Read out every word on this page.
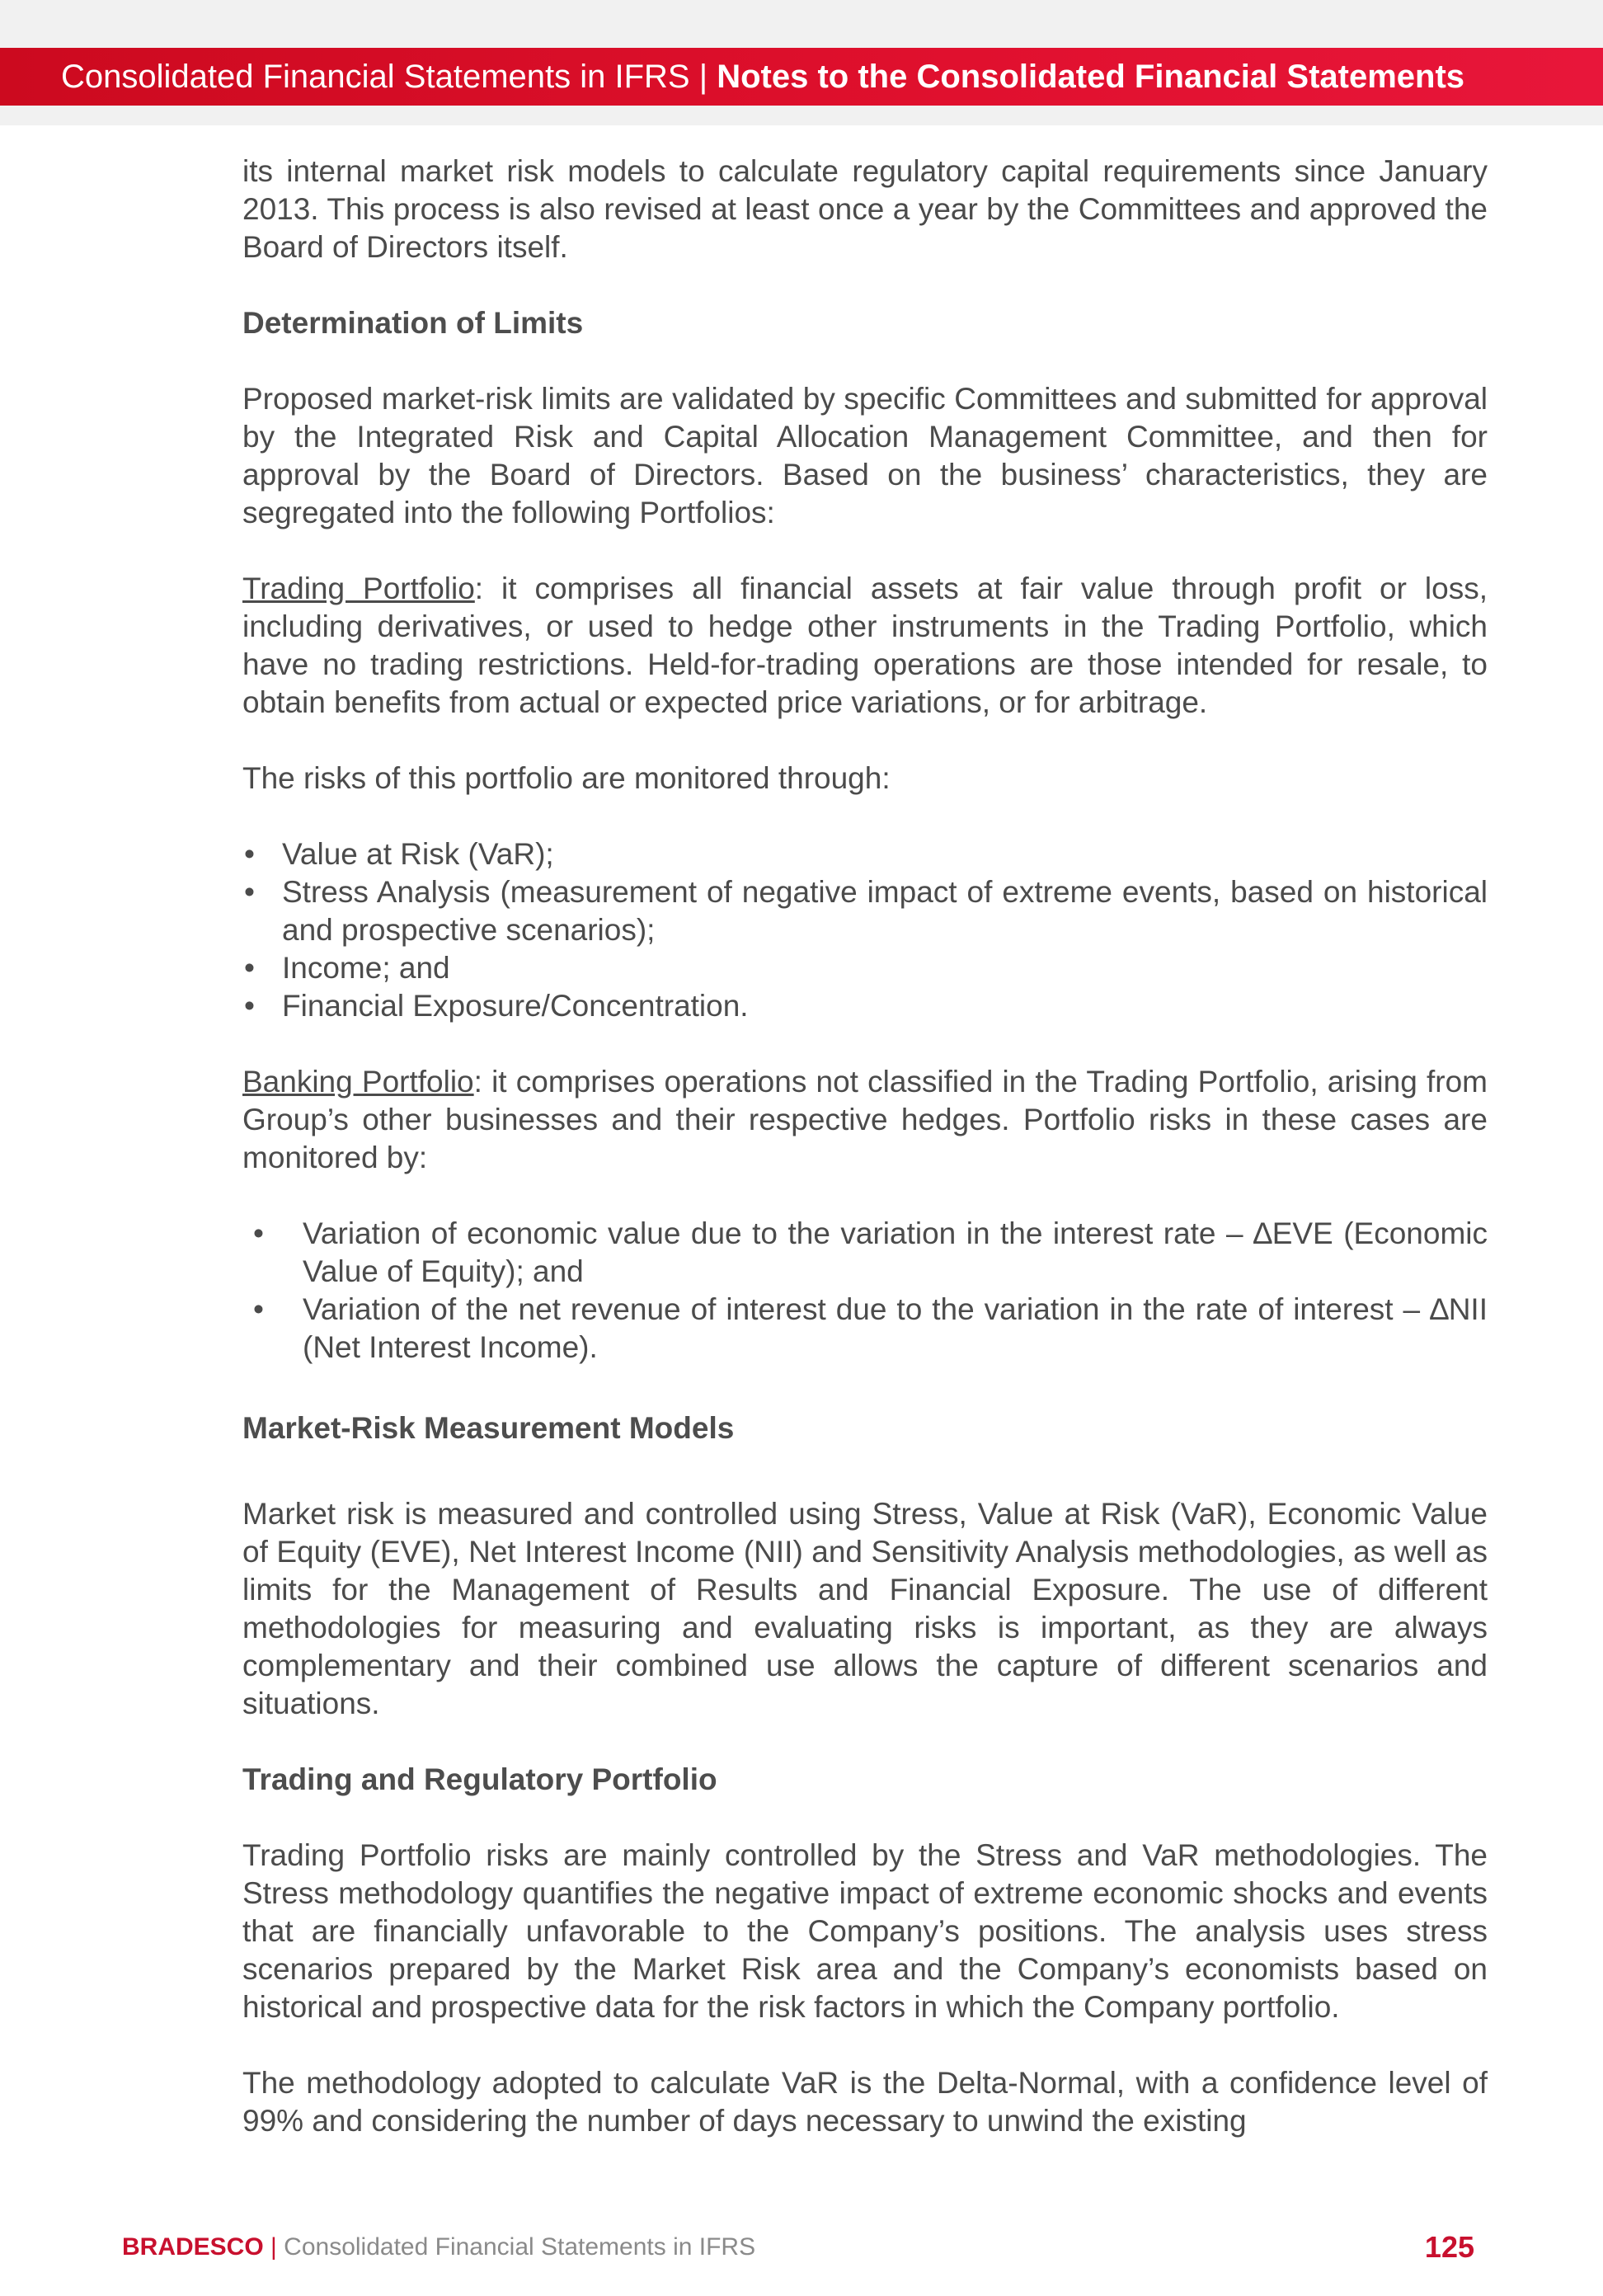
Consolidated Financial Statements in IFRS | Notes to the Consolidated Financial Statements

its internal market risk models to calculate regulatory capital requirements since January 2013. This process is also revised at least once a year by the Committees and approved the Board of Directors itself.

Determination of Limits

Proposed market-risk limits are validated by specific Committees and submitted for approval by the Integrated Risk and Capital Allocation Management Committee, and then for approval by the Board of Directors. Based on the business’ characteristics, they are segregated into the following Portfolios:

Trading Portfolio: it comprises all financial assets at fair value through profit or loss, including derivatives, or used to hedge other instruments in the Trading Portfolio, which have no trading restrictions. Held-for-trading operations are those intended for resale, to obtain benefits from actual or expected price variations, or for arbitrage.

The risks of this portfolio are monitored through:

• Value at Risk (VaR);
• Stress Analysis (measurement of negative impact of extreme events, based on historical and prospective scenarios);
• Income; and
• Financial Exposure/Concentration.

Banking Portfolio: it comprises operations not classified in the Trading Portfolio, arising from Group’s other businesses and their respective hedges. Portfolio risks in these cases are monitored by:

• Variation of economic value due to the variation in the interest rate – ∆EVE (Economic Value of Equity); and
• Variation of the net revenue of interest due to the variation in the rate of interest – ∆NII (Net Interest Income).

Market-Risk Measurement Models

Market risk is measured and controlled using Stress, Value at Risk (VaR), Economic Value of Equity (EVE), Net Interest Income (NII) and Sensitivity Analysis methodologies, as well as limits for the Management of Results and Financial Exposure. The use of different methodologies for measuring and evaluating risks is important, as they are always complementary and their combined use allows the capture of different scenarios and situations.

Trading and Regulatory Portfolio

Trading Portfolio risks are mainly controlled by the Stress and VaR methodologies. The Stress methodology quantifies the negative impact of extreme economic shocks and events that are financially unfavorable to the Company’s positions. The analysis uses stress scenarios prepared by the Market Risk area and the Company’s economists based on historical and prospective data for the risk factors in which the Company portfolio.

The methodology adopted to calculate VaR is the Delta-Normal, with a confidence level of 99% and considering the number of days necessary to unwind the existing

BRADESCO | Consolidated Financial Statements in IFRS	125
